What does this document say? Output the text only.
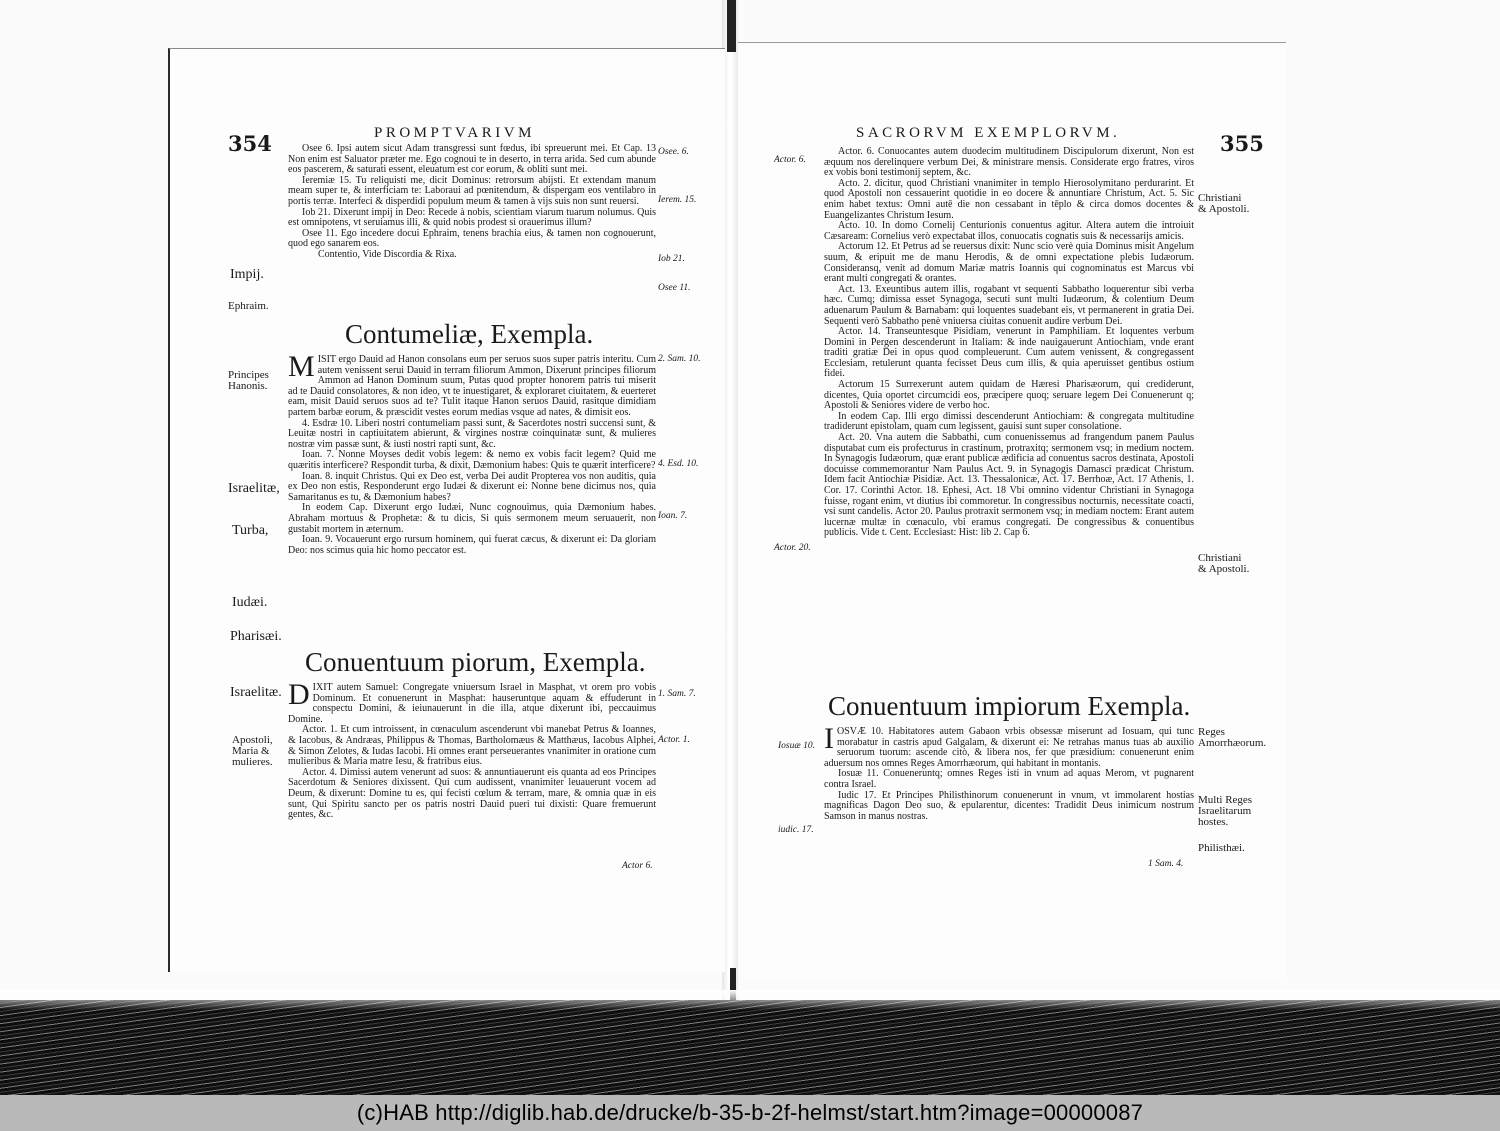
354	PROMPTVARIVM

Osee 6. Ipsi autem sicut Adam transgressi sunt fœdus, ibi spreuerunt mei. Et Cap. 13 Non enim est Saluator præter me. Ego cognoui te in deserto, in terra arida. Sed cum abunde eos pascerem, & saturati essent, eleuatum est cor eorum, & obliti sunt mei.

Ieremiæ 15. Tu reliquisti me, dicit Dominus: retrorsum abijsti. Et extendam manum meam super te, & interficiam te: Laboraui ad pœnitendum, & dispergam eos ventilabro in portis terræ. Interfeci & disperdidi populum meum & tamen à vijs suis non sunt reuersi.

Iob 21. Dixerunt impij in Deo: Recede à nobis, scientiam viarum tuarum nolumus. Quis est omnipotens, vt seruiamus illi, & quid nobis prodest si orauerimus illum?

Osee 11. Ego incedere docui Ephraim, tenens brachia eius, & tamen non cognouerunt, quod ego sanarem eos.

Contentio, Vide Discordia & Rixa.

Osee. 6.
Ierem. 15.
Iob 21.
Osee 11.
Impij.
Ephraim.
Contumeliæ, Exempla.
M ISIT ergo Dauid ad Hanon consolans eum per seruos suos super patris interitu. Cum autem venissent serui Dauid in terram filiorum Ammon, Dixerunt principes filiorum Ammon ad Hanon Dominum suum, Putas quod propter honorem patris tui miserit ad te Dauid consolatores, & non ideo, vt te inuestigaret, & exploraret ciuitatem, & euerteret eam, misit Dauid seruos suos ad te? Tulit itaque Hanon seruos Dauid, rasitque dimidiam partem barbæ eorum, & præscidit vestes eorum medias vsque ad nates, & dimisit eos.

4. Esdræ 10. Liberi nostri contumeliam passi sunt, & Sacerdotes nostri succensi sunt, & Leuitæ nostri in captiuitatem abierunt, & virgines nostræ coinquinatæ sunt, & mulieres nostræ vim passæ sunt, & iusti nostri rapti sunt, &c.

Ioan. 7. Nonne Moyses dedit vobis legem: & nemo ex vobis facit legem? Quid me quæritis interficere? Respondit turba, & dixit, Dæmonium habes: Quis te quærit interficere?

Ioan. 8. inquit Christus. Qui ex Deo est, verba Dei audit Propterea vos non auditis, quia ex Deo non estis, Responderunt ergo Iudæi & dixerunt ei: Nonne bene dicimus nos, quia Samaritanus es tu, & Dæmonium habes?

In eodem Cap. Dixerunt ergo Iudæi, Nunc cognouimus, quia Dæmonium habes. Abraham mortuus & Prophetæ: & tu dicis, Si quis sermonem meum seruauerit, non gustabit mortem in æternum.

Ioan. 9. Vocauerunt ergo rursum hominem, qui fuerat cæcus, & dixerunt ei: Da gloriam Deo: nos scimus quia hic homo peccator est.

2. Sam. 10.
4. Esd. 10.
Ioan. 7.
Principes Hanonis.
Israelitæ,
Turba,
Iudæi.
Pharisæi.
Conuentuum piorum, Exempla.
D IXIT autem Samuel: Congregate vniuersum Israel in Masphat, vt orem pro vobis Dominum. Et conuenerunt in Masphat: hauseruntque aquam & effuderunt in conspectu Domini, & ieiunauerunt in die illa, atque dixerunt ibi, peccauimus Domine.

Actor. 1. Et cum introissent, in cœnaculum ascenderunt vbi manebat Petrus & Ioannes, & Iacobus, & Andræas, Philippus & Thomas, Bartholomæus & Matthæus, Iacobus Alphei, & Simon Zelotes, & Iudas Iacobi. Hi omnes erant perseuerantes vnanimiter in oratione cum mulieribus & Maria matre Iesu, & fratribus eius.

Actor. 4. Dimissi autem venerunt ad suos: & annuntiauerunt eis quanta ad eos Principes Sacerdotum & Seniores dixissent. Qui cum audissent, vnanimiter leuauerunt vocem ad Deum, & dixerunt: Domine tu es, qui fecisti cœlum & terram, mare, & omnia quæ in eis sunt, Qui Spiritu sancto per os patris nostri Dauid pueri tui dixisti: Quare fremuerunt gentes, &c.

1. Sam. 7.
Actor. 1.
Israelitæ.
Apostoli, Maria & mulieres.
Actor 6.
SACRORVM EXEMPLORVM.	355

Actor. 6. Conuocantes autem duodecim multitudinem Discipulorum dixerunt, Non est æquum nos derelinquere verbum Dei, & ministrare mensis. Considerate ergo fratres, viros ex vobis boni testimonij septem, &c.

Acto. 2. dicitur, quod Christiani vnanimiter in templo Hierosolymitano perdurarint. Et quod Apostoli non cessauerint quotidie in eo docere & annuntiare Christum, Act. 5. Sic enim habet textus: Omni autē die non cessabant in tēplo & circa domos docentes & Euangelizantes Christum Iesum.

Acto. 10. In domo Cornelij Centurionis conuentus agitur. Altera autem die introiuit Cæsaream: Cornelius verò expectabat illos, conuocatis cognatis suis & necessarijs amicis.

Actorum 12. Et Petrus ad se reuersus dixit: Nunc scio verè quia Dominus misit Angelum suum, & eripuit me de manu Herodis, & de omni expectatione plebis Iudæorum. Consideransq, venit ad domum Mariæ matris Ioannis qui cognominatus est Marcus vbi erant multi congregati & orantes.

Act. 13. Exeuntibus autem illis, rogabant vt sequenti Sabbatho loquerentur sibi verba hæc. Cumq; dimissa esset Synagoga, secuti sunt multi Iudæorum, & colentium Deum aduenarum Paulum & Barnabam: qui loquentes suadebant eis, vt permanerent in gratia Dei. Sequenti verò Sabbatho penè vniuersa ciuitas conuenit audire verbum Dei.

Actor. 14. Transeuntesque Pisidiam, venerunt in Pamphiliam. Et loquentes verbum Domini in Pergen descenderunt in Italiam: & inde nauigauerunt Antiochiam, vnde erant traditi gratiæ Dei in opus quod compleuerunt. Cum autem venissent, & congregassent Ecclesiam, retulerunt quanta fecisset Deus cum illis, & quia aperuisset gentibus ostium fidei.

Actorum 15 Surrexerunt autem quidam de Hæresi Pharisæorum, qui crediderunt, dicentes, Quia oportet circumcidi eos, præcipere quoq; seruare legem Dei Conuenerunt q; Apostoli & Seniores videre de verbo hoc.

In eodem Cap. Illi ergo dimissi descenderunt Antiochiam: & congregata multitudine tradiderunt epistolam, quam cum legissent, gauisi sunt super consolatione.

Act. 20. Vna autem die Sabbathi, cum conuenissemus ad frangendum panem Paulus disputabat cum eis profecturus in crastinum, protraxitq; sermonem vsq; in medium noctem. In Synagogis Iudæorum, quæ erant publicæ ædificia ad conuentus sacros destinata, Apostoli docuisse commemorantur Nam Paulus Act. 9. in Synagogis Damasci prædicat Christum. Idem facit Antiochiæ Pisidiæ. Act. 13. Thessalonicæ, Act. 17. Berrhoæ, Act. 17 Athenis, 1. Cor. 17. Corinthi Actor. 18. Ephesi, Act. 18 Vbi omnino videntur Christiani in Synagoga fuisse, rogant enim, vt diutius ibi commoretur. In congressibus nocturnis, necessitate coacti, vsi sunt candelis. Actor 20. Paulus protraxit sermonem vsq; in mediam noctem: Erant autem lucernæ multæ in cœnaculo, vbi eramus congregati. De congressibus & conuentibus publicis. Vide t. Cent. Ecclesiast: Hist: lib 2. Cap 6.

Actor. 6.
Actor. 20.
Christiani & Apostoli.
Christiani & Apostoli.
Conuentuum impiorum Exempla.
I OSVÆ 10. Habitatores autem Gabaon vrbis obsessæ miserunt ad Iosuam, qui tunc morabatur in castris apud Galgalam, & dixerunt ei: Ne retrahas manus tuas ab auxilio seruorum tuorum: ascende citò, & libera nos, fer que præsidium: conuenerunt enim aduersum nos omnes Reges Amorrhæorum, qui habitant in montanis.

Iosuæ 11. Conueneruntq; omnes Reges isti in vnum ad aquas Merom, vt pugnarent contra Israel.

Iudic 17. Et Principes Philisthinorum conuenerunt in vnum, vt immolarent hostias magnificas Dagon Deo suo, & epularentur, dicentes: Tradidit Deus inimicum nostrum Samson in manus nostras.

Iosuæ 10.
iudic. 17.
Reges Amorrhæorum.
Multi Reges Israelitarum hostes.
Philisthæi.
1 Sam. 4.
(c)HAB http://diglib.hab.de/drucke/b-35-b-2f-helmst/start.htm?image=00000087
